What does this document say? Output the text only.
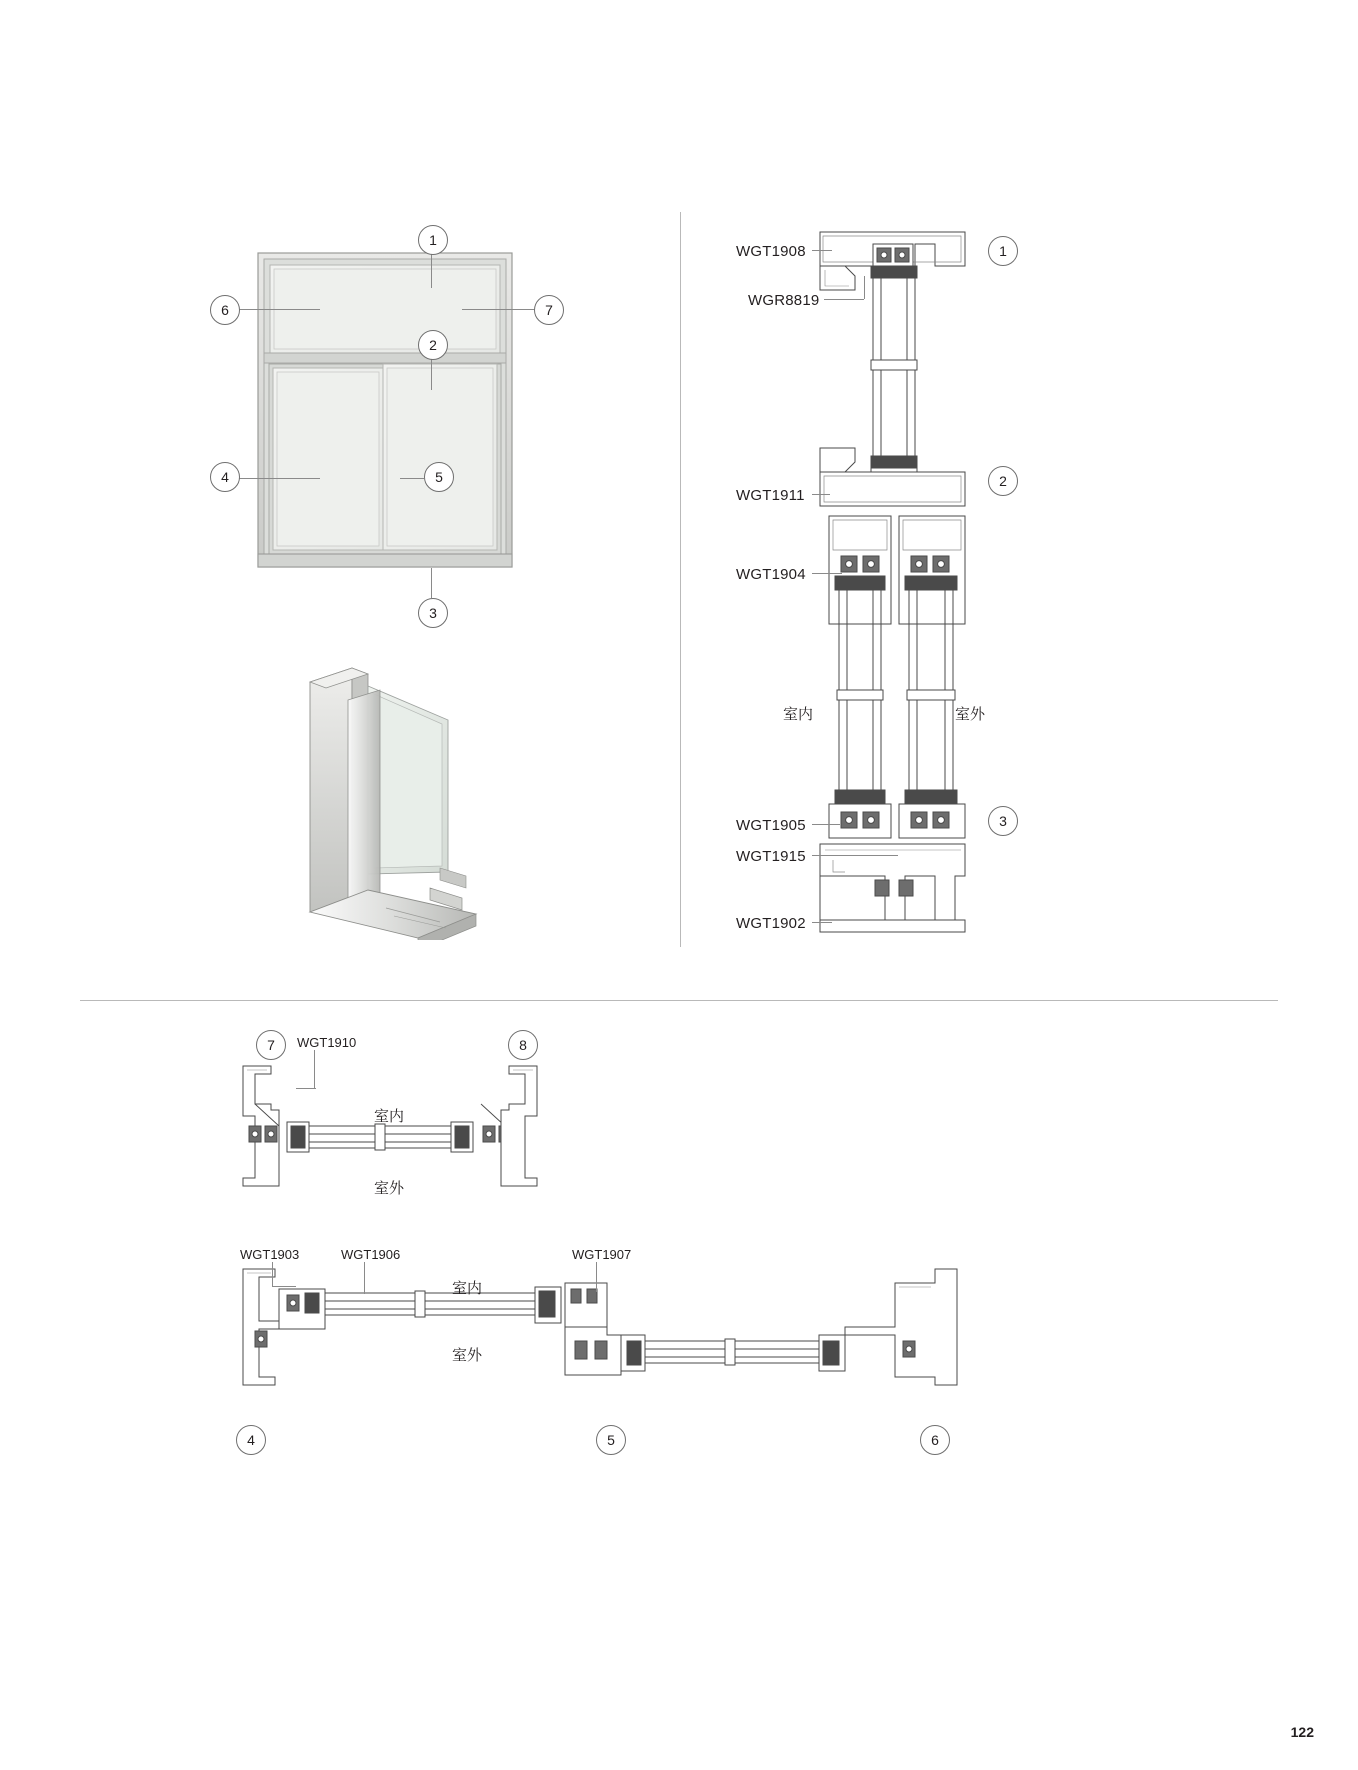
1
2
3
4	5
6	7
WGT1908
WGR8819
WGT1911
WGT1904
WGT1905
WGT1915
WGT1902
室内	室外
1
2
3
WGT1910
室内
室外
7	8
WGT1903	WGT1906	WGT1907
室内
室外
4	5	6
122
